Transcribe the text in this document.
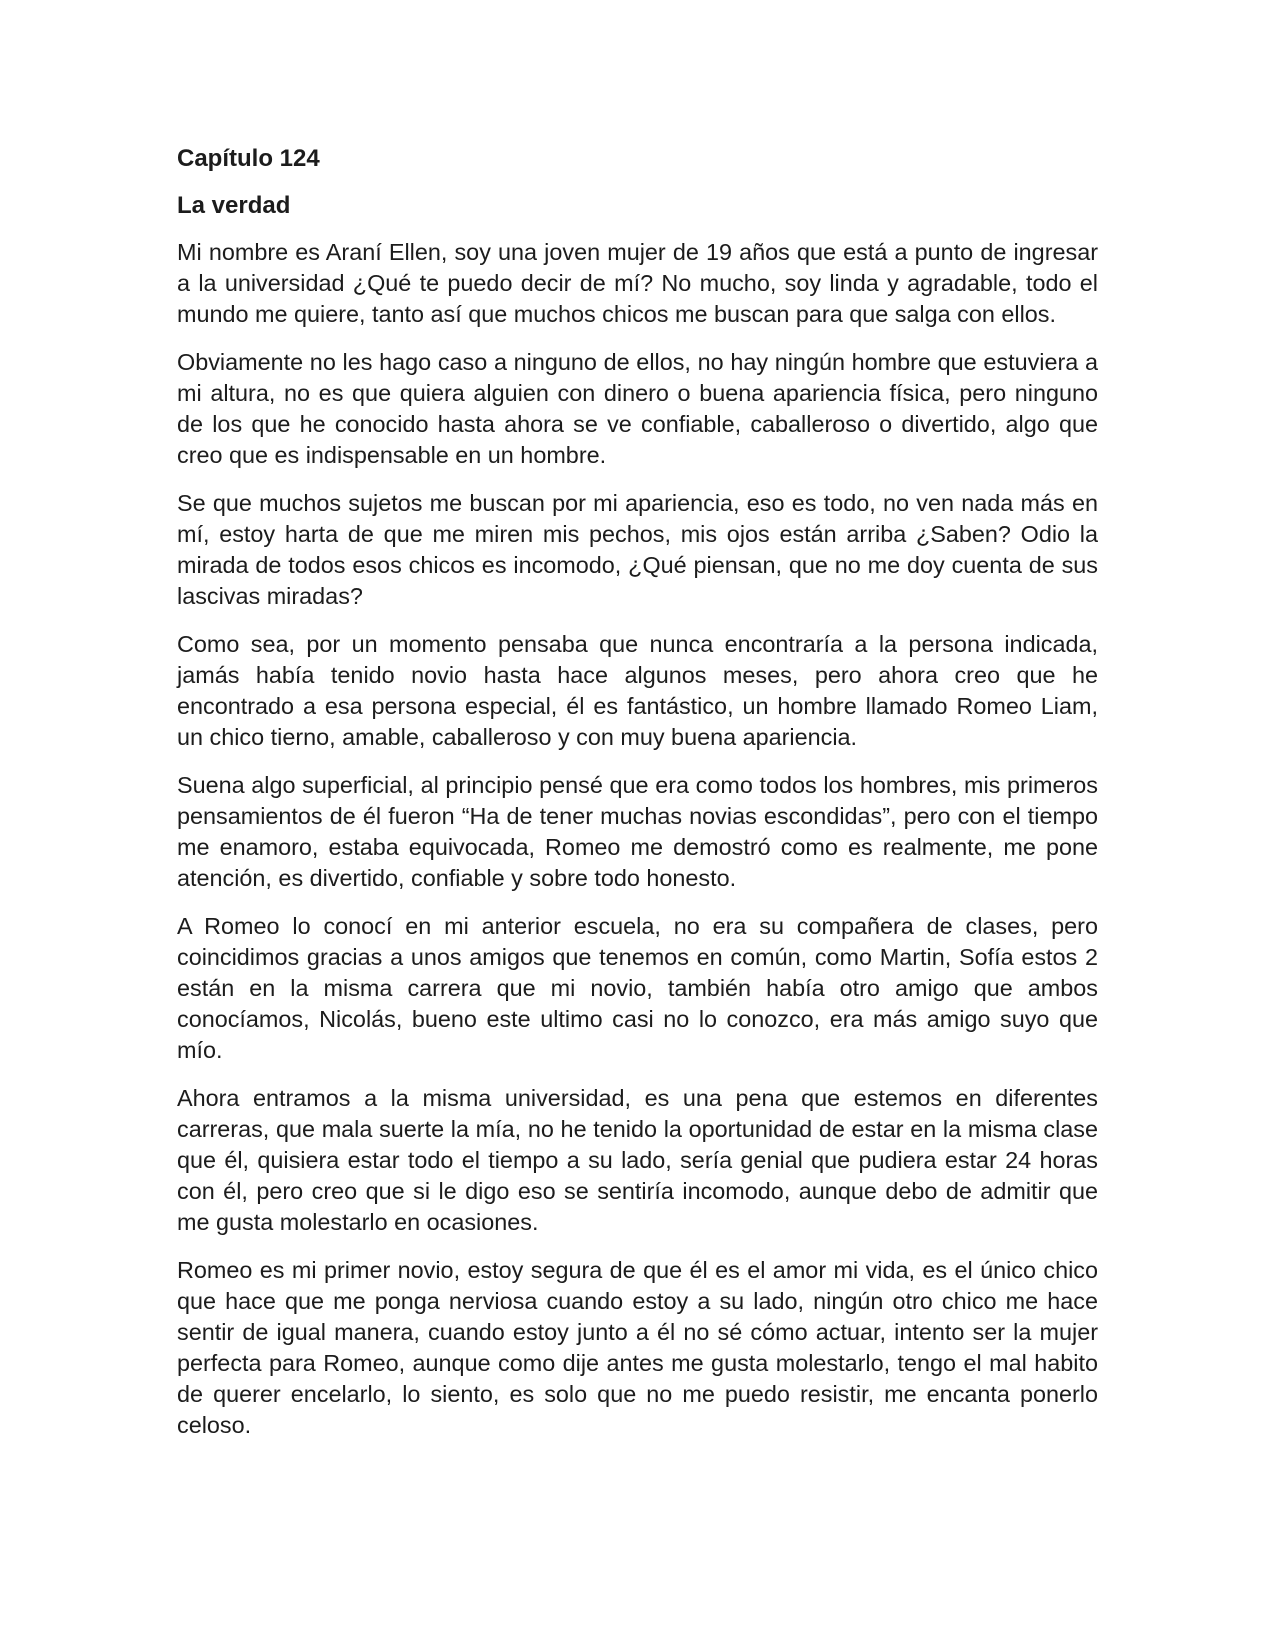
Capítulo 124
La verdad

Mi nombre es Araní Ellen, soy una joven mujer de 19 años que está a punto de ingresar a la universidad ¿Qué te puedo decir de mí? No mucho, soy linda y agradable, todo el mundo me quiere, tanto así que muchos chicos me buscan para que salga con ellos.

Obviamente no les hago caso a ninguno de ellos, no hay ningún hombre que estuviera a mi altura, no es que quiera alguien con dinero o buena apariencia física, pero ninguno de los que he conocido hasta ahora se ve confiable, caballeroso o divertido, algo que creo que es indispensable en un hombre.

Se que muchos sujetos me buscan por mi apariencia, eso es todo, no ven nada más en mí, estoy harta de que me miren mis pechos, mis ojos están arriba ¿Saben? Odio la mirada de todos esos chicos es incomodo, ¿Qué piensan, que no me doy cuenta de sus lascivas miradas?

Como sea, por un momento pensaba que nunca encontraría a la persona indicada, jamás había tenido novio hasta hace algunos meses, pero ahora creo que he encontrado a esa persona especial, él es fantástico, un hombre llamado Romeo Liam, un chico tierno, amable, caballeroso y con muy buena apariencia.

Suena algo superficial, al principio pensé que era como todos los hombres, mis primeros pensamientos de él fueron “Ha de tener muchas novias escondidas”, pero con el tiempo me enamoro, estaba equivocada, Romeo me demostró como es realmente, me pone atención, es divertido, confiable y sobre todo honesto.

A Romeo lo conocí en mi anterior escuela, no era su compañera de clases, pero coincidimos gracias a unos amigos que tenemos en común, como Martin, Sofía estos 2 están en la misma carrera que mi novio, también había otro amigo que ambos conocíamos, Nicolás, bueno este ultimo casi no lo conozco, era más amigo suyo que mío.

Ahora entramos a la misma universidad, es una pena que estemos en diferentes carreras, que mala suerte la mía, no he tenido la oportunidad de estar en la misma clase que él, quisiera estar todo el tiempo a su lado, sería genial que pudiera estar 24 horas con él, pero creo que si le digo eso se sentiría incomodo, aunque debo de admitir que me gusta molestarlo en ocasiones.

Romeo es mi primer novio, estoy segura de que él es el amor mi vida, es el único chico que hace que me ponga nerviosa cuando estoy a su lado, ningún otro chico me hace sentir de igual manera, cuando estoy junto a él no sé cómo actuar, intento ser la mujer perfecta para Romeo, aunque como dije antes me gusta molestarlo, tengo el mal habito de querer encelarlo, lo siento, es solo que no me puedo resistir, me encanta ponerlo celoso.
